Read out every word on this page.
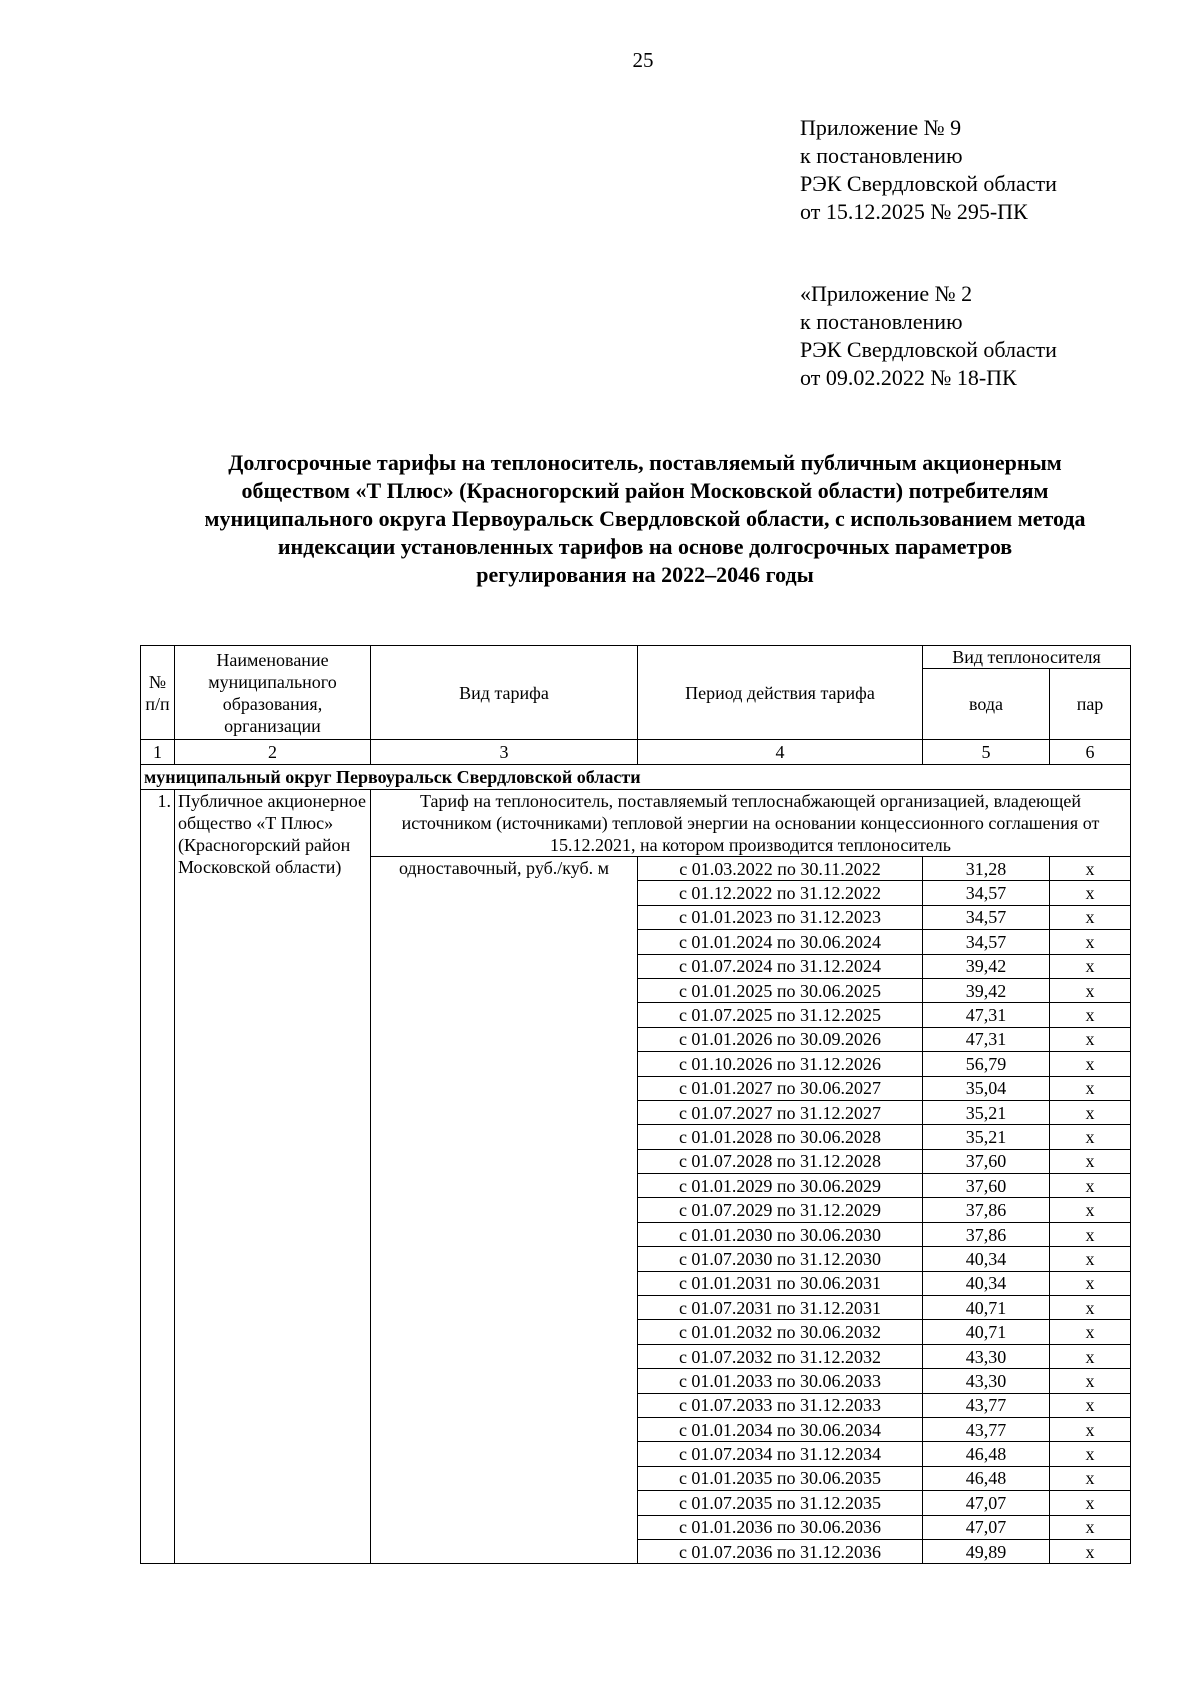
25
Приложение № 9
к постановлению
РЭК Свердловской области
от 15.12.2025 № 295-ПК
«Приложение № 2
к постановлению
РЭК Свердловской области
от 09.02.2022 № 18-ПК
Долгосрочные тарифы на теплоноситель, поставляемый публичным акционерным
обществом «Т Плюс» (Красногорский район Московской области) потребителям
муниципального округа Первоуральск Свердловской области, с использованием метода
индексации установленных тарифов на основе долгосрочных параметров
регулирования на 2022–2046 годы
№ п/п	Наименование муниципального образования, организации	Вид тарифа	Период действия тарифа	Вид теплоносителя	
				вода	пар
1	2	3	4	5	6
муниципальный округ Первоуральск Свердловской области					
1.	Публичное акционерное общество «Т Плюс» (Красногорский район Московской области)	Тариф на теплоноситель, поставляемый теплоснабжающей организацией, владеющей источником (источниками) тепловой энергии на основании концессионного соглашения от 15.12.2021, на котором производится теплоноситель			
		одноставочный, руб./куб. м	с 01.03.2022 по 30.11.2022	31,28	х
			с 01.12.2022 по 31.12.2022	34,57	х
			с 01.01.2023 по 31.12.2023	34,57	х
			с 01.01.2024 по 30.06.2024	34,57	х
			с 01.07.2024 по 31.12.2024	39,42	х
			с 01.01.2025 по 30.06.2025	39,42	х
			с 01.07.2025 по 31.12.2025	47,31	х
			с 01.01.2026 по 30.09.2026	47,31	х
			с 01.10.2026 по 31.12.2026	56,79	х
			с 01.01.2027 по 30.06.2027	35,04	х
			с 01.07.2027 по 31.12.2027	35,21	х
			с 01.01.2028 по 30.06.2028	35,21	х
			с 01.07.2028 по 31.12.2028	37,60	х
			с 01.01.2029 по 30.06.2029	37,60	х
			с 01.07.2029 по 31.12.2029	37,86	х
			с 01.01.2030 по 30.06.2030	37,86	х
			с 01.07.2030 по 31.12.2030	40,34	х
			с 01.01.2031 по 30.06.2031	40,34	х
			с 01.07.2031 по 31.12.2031	40,71	х
			с 01.01.2032 по 30.06.2032	40,71	х
			с 01.07.2032 по 31.12.2032	43,30	х
			с 01.01.2033 по 30.06.2033	43,30	х
			с 01.07.2033 по 31.12.2033	43,77	х
			с 01.01.2034 по 30.06.2034	43,77	х
			с 01.07.2034 по 31.12.2034	46,48	х
			с 01.01.2035 по 30.06.2035	46,48	х
			с 01.07.2035 по 31.12.2035	47,07	х
			с 01.01.2036 по 30.06.2036	47,07	х
			с 01.07.2036 по 31.12.2036	49,89	х
